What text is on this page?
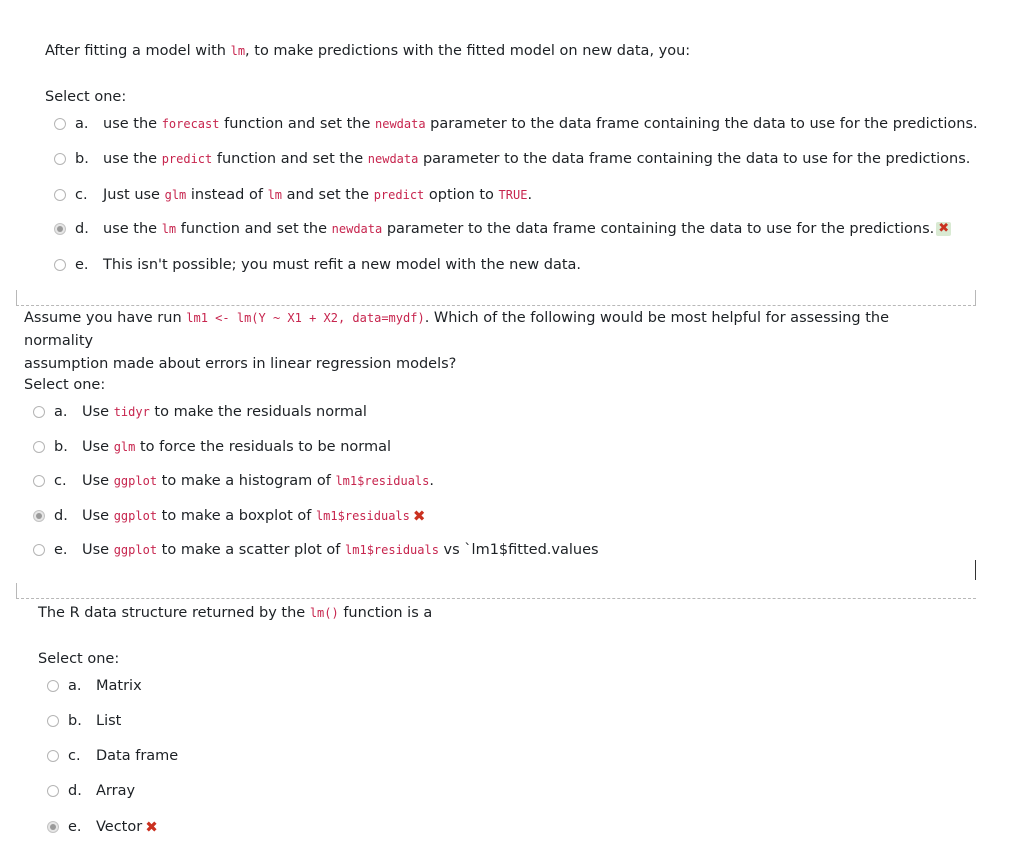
After fitting a model with lm, to make predictions with the fitted model on new data, you:
Select one:
a.	use the forecast function and set the newdata parameter to the data frame containing the data to use for the predictions.
b. use the predict function and set the newdata parameter to the data frame containing the data to use for the predictions.
c.	Just use glm instead of lm and set the predict option to TRUE.
d. use the lm function and set the newdata parameter to the data frame containing the data to use for the predictions. ✖
e. This isn't possible; you must refit a new model with the new data.
Assume you have run lm1 <- lm(Y ~ X1 + X2, data=mydf). Which of the following would be most helpful for assessing the normality
assumption made about errors in linear regression models?
Select one:
a.	Use tidyr to make the residuals normal
b. Use glm to force the residuals to be normal
c.	Use ggplot to make a histogram of lm1$residuals.
d. Use ggplot to make a boxplot of lm1$residuals ✖
e. Use ggplot to make a scatter plot of lm1$residuals vs `lm1$fitted.values
The R data structure returned by the lm() function is a
Select one:
a.	Matrix
b. List
c.	Data frame
d. Array
e. Vector ✖
